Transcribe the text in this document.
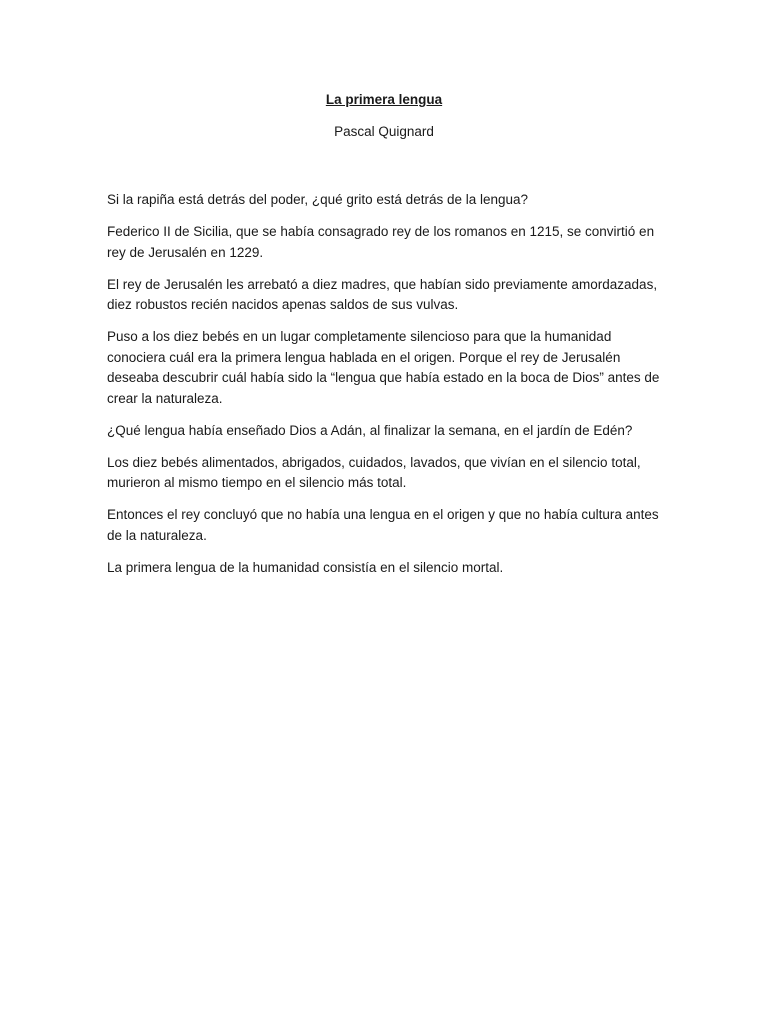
La primera lengua
Pascal Quignard

Si la rapiña está detrás del poder, ¿qué grito está detrás de la lengua?

Federico II de Sicilia, que se había consagrado rey de los romanos en 1215, se convirtió en rey de Jerusalén en 1229.

El rey de Jerusalén les arrebató a diez madres, que habían sido previamente amordazadas, diez robustos recién nacidos apenas saldos de sus vulvas.

Puso a los diez bebés en un lugar completamente silencioso para que la humanidad conociera cuál era la primera lengua hablada en el origen. Porque el rey de Jerusalén deseaba descubrir cuál había sido la “lengua que había estado en la boca de Dios” antes de crear la naturaleza.

¿Qué lengua había enseñado Dios a Adán, al finalizar la semana, en el jardín de Edén?

Los diez bebés alimentados, abrigados, cuidados, lavados, que vivían en el silencio total, murieron al mismo tiempo en el silencio más total.

Entonces el rey concluyó que no había una lengua en el origen y que no había cultura antes de la naturaleza.

La primera lengua de la humanidad consistía en el silencio mortal.
